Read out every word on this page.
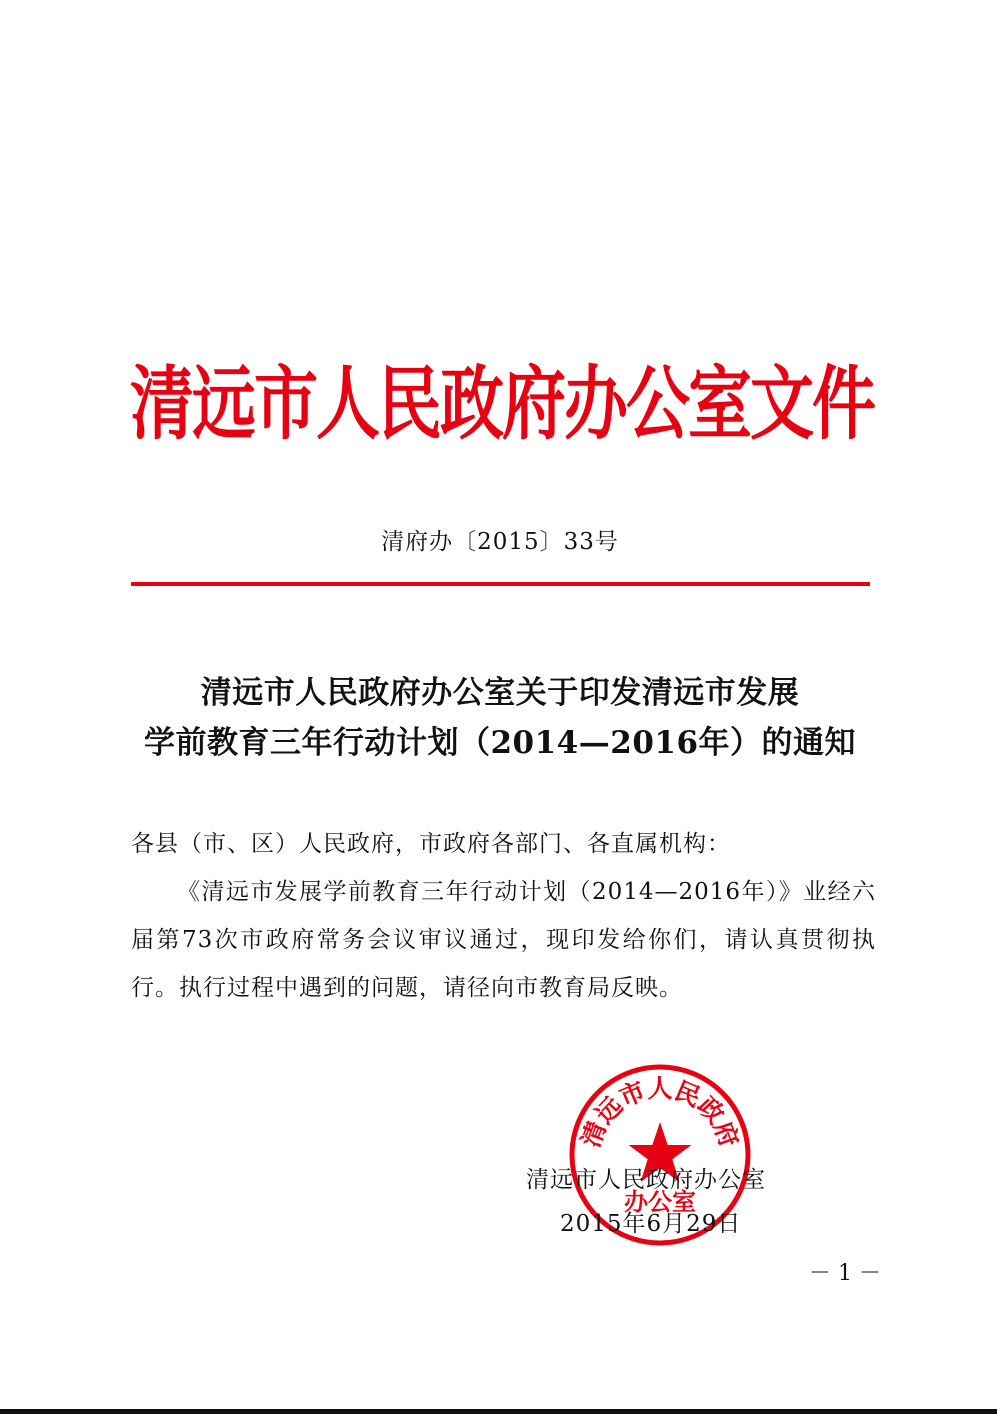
清远市人民政府办公室文件
清府办〔2015〕33号
清远市人民政府办公室关于印发清远市发展
学前教育三年行动计划（2014—2016年）的通知

各县（市、区）人民政府，市政府各部门、各直属机构：

《清远市发展学前教育三年行动计划（2014—2016年）》业经六届第73次市政府常务会议审议通过，现印发给你们，请认真贯彻执行。执行过程中遇到的问题，请径向市教育局反映。

清远市人民政府
办公室
清远市人民政府办公室
2015年6月29日
－ 1 －
